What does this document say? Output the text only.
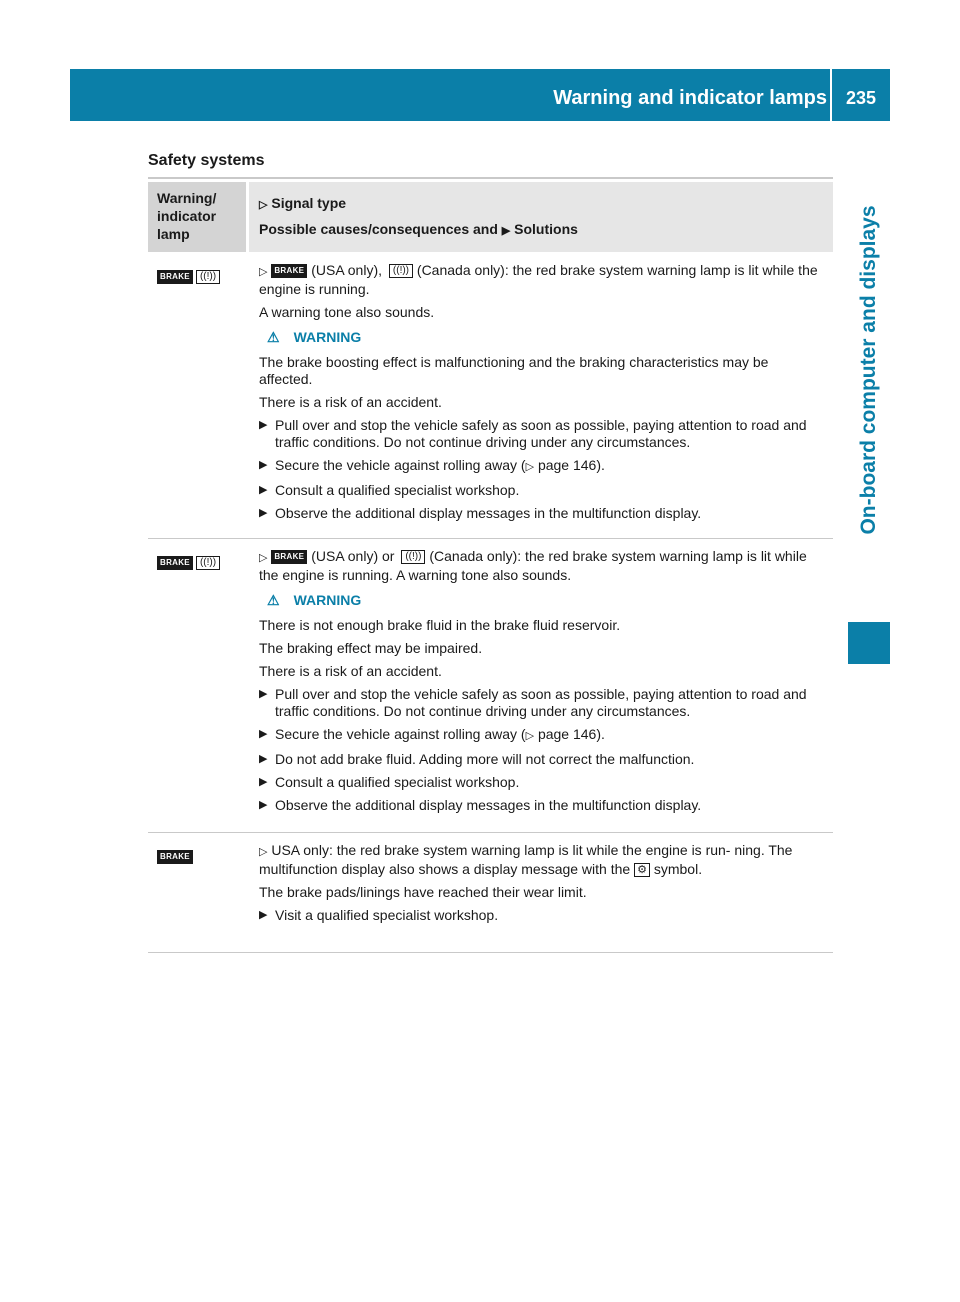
Warning and indicator lamps	235
On-board computer and displays
Safety systems
Warning/ indicator lamp
▷ Signal type
Possible causes/consequences and ▶ Solutions
BRAKE ((!))	▷ BRAKE (USA only), ((!)) (Canada only): the red brake system warning lamp is lit while the engine is running.

A warning tone also sounds.

⚠ WARNING

The brake boosting effect is malfunctioning and the braking characteristics may be affected.

There is a risk of an accident.

▶ Pull over and stop the vehicle safely as soon as possible, paying attention to road and traffic conditions. Do not continue driving under any circumstances.
▶ Secure the vehicle against rolling away (▷ page 146).
▶ Consult a qualified specialist workshop.
▶ Observe the additional display messages in the multifunction display.
BRAKE ((!))	▷ BRAKE (USA only) or ((!)) (Canada only): the red brake system warning lamp is lit while the engine is running. A warning tone also sounds.

⚠ WARNING

There is not enough brake fluid in the brake fluid reservoir.

The braking effect may be impaired.

There is a risk of an accident.

▶ Pull over and stop the vehicle safely as soon as possible, paying attention to road and traffic conditions. Do not continue driving under any circumstances.
▶ Secure the vehicle against rolling away (▷ page 146).
▶ Do not add brake fluid. Adding more will not correct the malfunction.
▶ Consult a qualified specialist workshop.
▶ Observe the additional display messages in the multifunction display.
BRAKE	▷ USA only: the red brake system warning lamp is lit while the engine is run- ning. The multifunction display also shows a display message with the ⚙ symbol.

The brake pads/linings have reached their wear limit.

▶ Visit a qualified specialist workshop.
